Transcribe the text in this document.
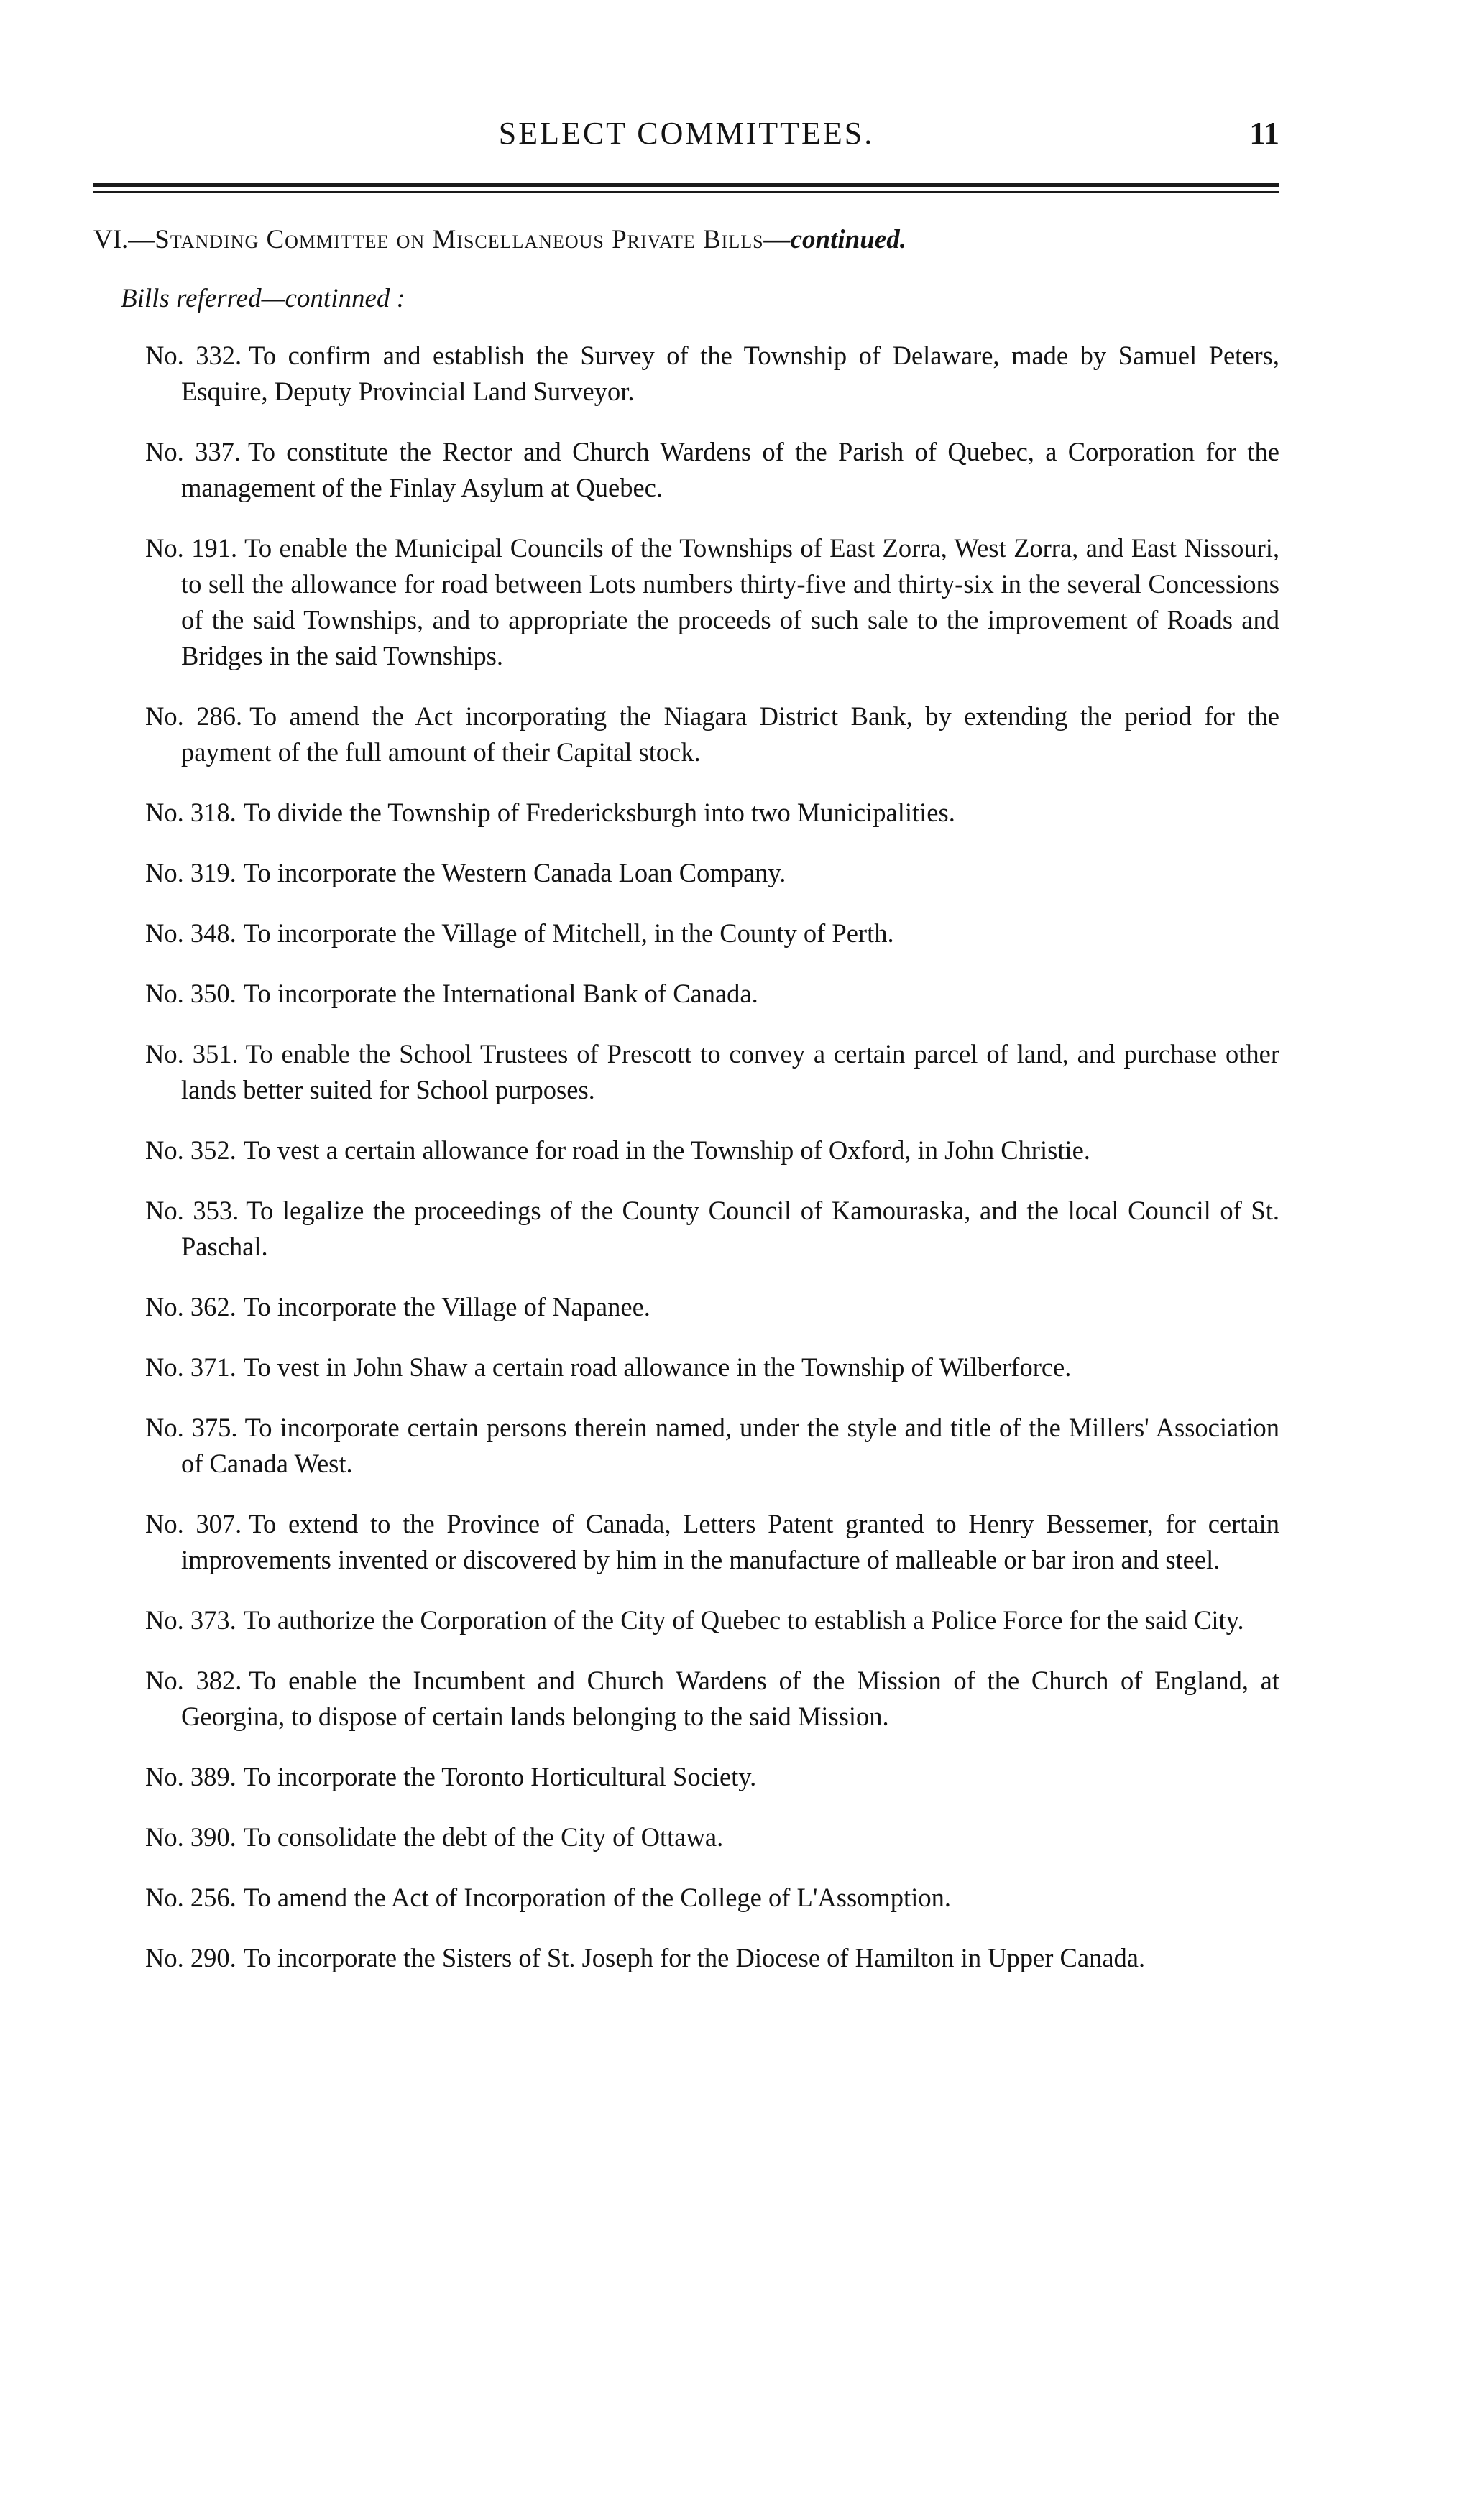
SELECT COMMITTEES.	11
VI.—Standing Committee on Miscellaneous Private Bills—continued.
Bills referred—continned :
No. 332. To confirm and establish the Survey of the Township of Delaware, made by Samuel Peters, Esquire, Deputy Provincial Land Surveyor.
No. 337. To constitute the Rector and Church Wardens of the Parish of Quebec, a Corporation for the management of the Finlay Asylum at Quebec.
No. 191. To enable the Municipal Councils of the Townships of East Zorra, West Zorra, and East Nissouri, to sell the allowance for road between Lots numbers thirty-five and thirty-six in the several Concessions of the said Townships, and to appropriate the proceeds of such sale to the improvement of Roads and Bridges in the said Townships.
No. 286. To amend the Act incorporating the Niagara District Bank, by extending the period for the payment of the full amount of their Capital stock.
No. 318. To divide the Township of Fredericksburgh into two Municipalities.
No. 319. To incorporate the Western Canada Loan Company.
No. 348. To incorporate the Village of Mitchell, in the County of Perth.
No. 350. To incorporate the International Bank of Canada.
No. 351. To enable the School Trustees of Prescott to convey a certain parcel of land, and purchase other lands better suited for School purposes.
No. 352. To vest a certain allowance for road in the Township of Oxford, in John Christie.
No. 353. To legalize the proceedings of the County Council of Kamouraska, and the local Council of St. Paschal.
No. 362. To incorporate the Village of Napanee.
No. 371. To vest in John Shaw a certain road allowance in the Township of Wilberforce.
No. 375. To incorporate certain persons therein named, under the style and title of the Millers' Association of Canada West.
No. 307. To extend to the Province of Canada, Letters Patent granted to Henry Bessemer, for certain improvements invented or discovered by him in the manufacture of malleable or bar iron and steel.
No. 373. To authorize the Corporation of the City of Quebec to establish a Police Force for the said City.
No. 382. To enable the Incumbent and Church Wardens of the Mission of the Church of England, at Georgina, to dispose of certain lands belonging to the said Mission.
No. 389. To incorporate the Toronto Horticultural Society.
No. 390. To consolidate the debt of the City of Ottawa.
No. 256. To amend the Act of Incorporation of the College of L'Assomption.
No. 290. To incorporate the Sisters of St. Joseph for the Diocese of Hamilton in Upper Canada.
